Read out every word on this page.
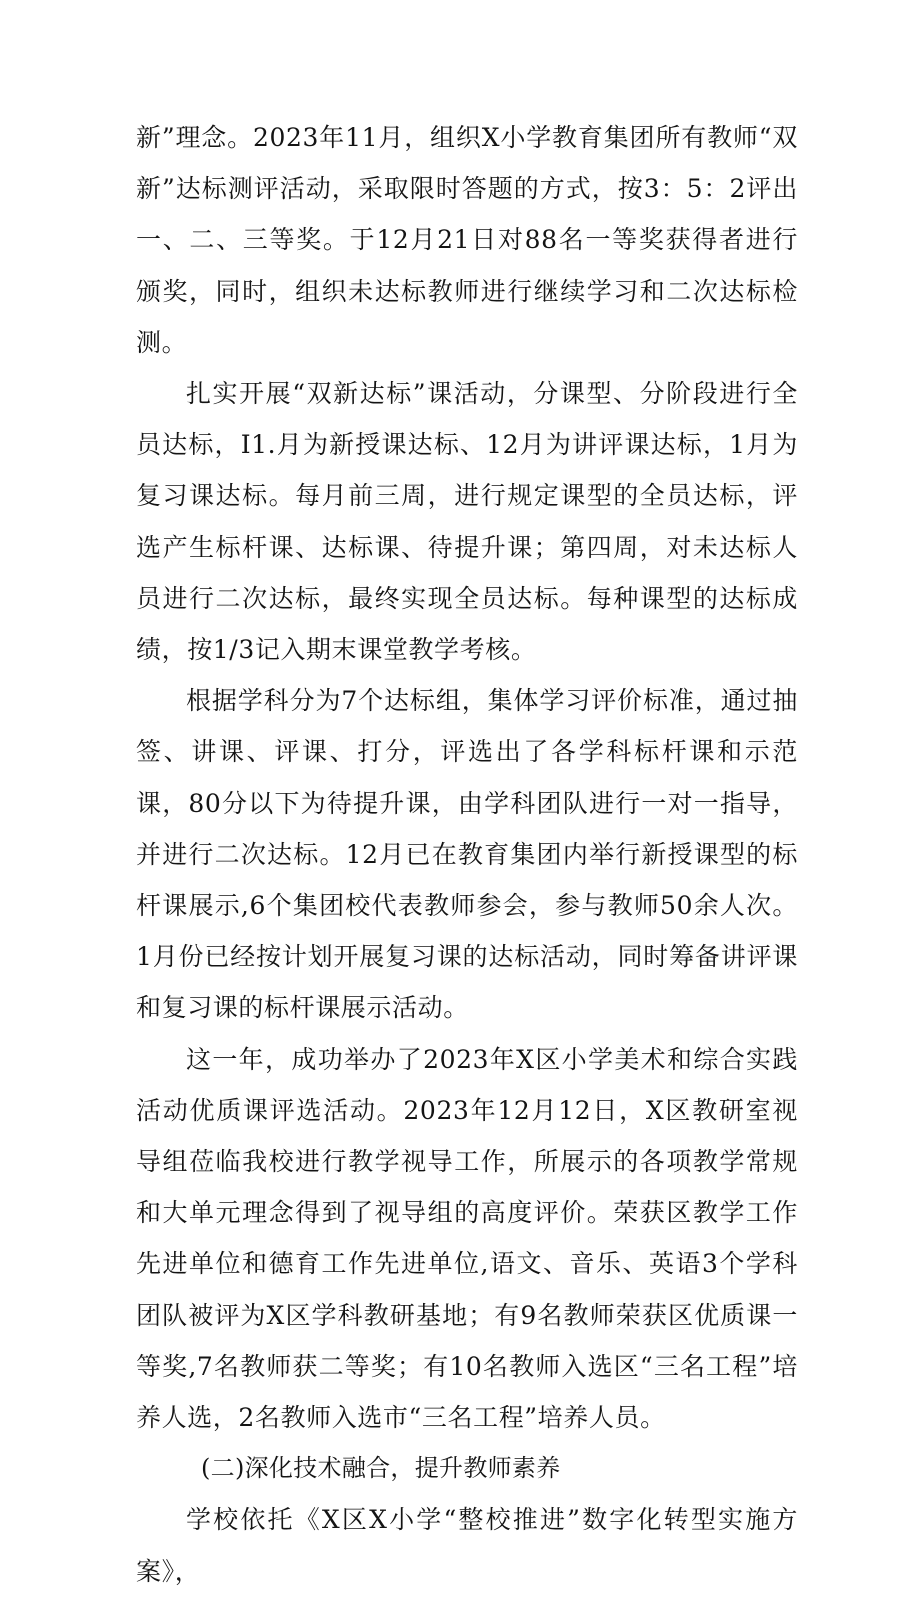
新”理念。2023年11月，组织X小学教育集团所有教师“双新”达标测评活动，采取限时答题的方式，按3：5：2评出一、二、三等奖。于12月21日对88名一等奖获得者进行颁奖，同时，组织未达标教师进行继续学习和二次达标检测。

扎实开展“双新达标”课活动，分课型、分阶段进行全员达标，I1.月为新授课达标、12月为讲评课达标，1月为复习课达标。每月前三周，进行规定课型的全员达标，评选产生标杆课、达标课、待提升课；第四周，对未达标人员进行二次达标，最终实现全员达标。每种课型的达标成绩，按1/3记入期末课堂教学考核。

根据学科分为7个达标组，集体学习评价标准，通过抽签、讲课、评课、打分，评选出了各学科标杆课和示范课，80分以下为待提升课，由学科团队进行一对一指导，并进行二次达标。12月已在教育集团内举行新授课型的标杆课展示,6个集团校代表教师参会，参与教师50余人次。1月份已经按计划开展复习课的达标活动，同时筹备讲评课和复习课的标杆课展示活动。

这一年，成功举办了2023年X区小学美术和综合实践活动优质课评选活动。2023年12月12日，X区教研室视导组莅临我校进行教学视导工作，所展示的各项教学常规和大单元理念得到了视导组的高度评价。荣获区教学工作先进单位和德育工作先进单位,语文、音乐、英语3个学科团队被评为X区学科教研基地；有9名教师荣获区优质课一等奖,7名教师获二等奖；有10名教师入选区“三名工程”培养人选，2名教师入选市“三名工程”培养人员。

(二)深化技术融合，提升教师素养

学校依托《X区X小学“整校推进”数字化转型实施方案》，
